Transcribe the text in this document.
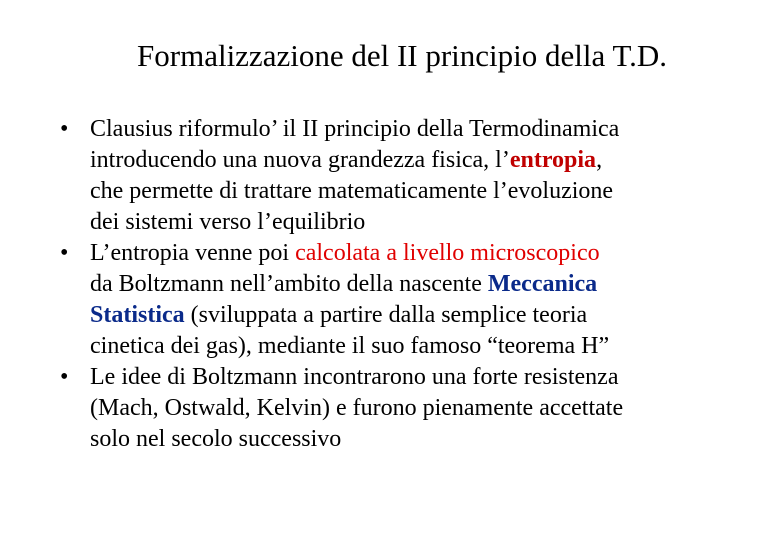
Formalizzazione del II principio della T.D.
• Clausius riformulo’ il II principio della Termodinamica
introducendo una nuova grandezza fisica, l’entropia,
che permette di trattare matematicamente l’evoluzione
dei sistemi verso l’equilibrio
• L’entropia venne poi calcolata a livello microscopico
da Boltzmann nell’ambito della nascente Meccanica
Statistica (sviluppata a partire dalla semplice teoria
cinetica dei gas), mediante il suo famoso “teorema H”
• Le idee di Boltzmann incontrarono una forte resistenza
(Mach, Ostwald, Kelvin) e furono pienamente accettate
solo nel secolo successivo
